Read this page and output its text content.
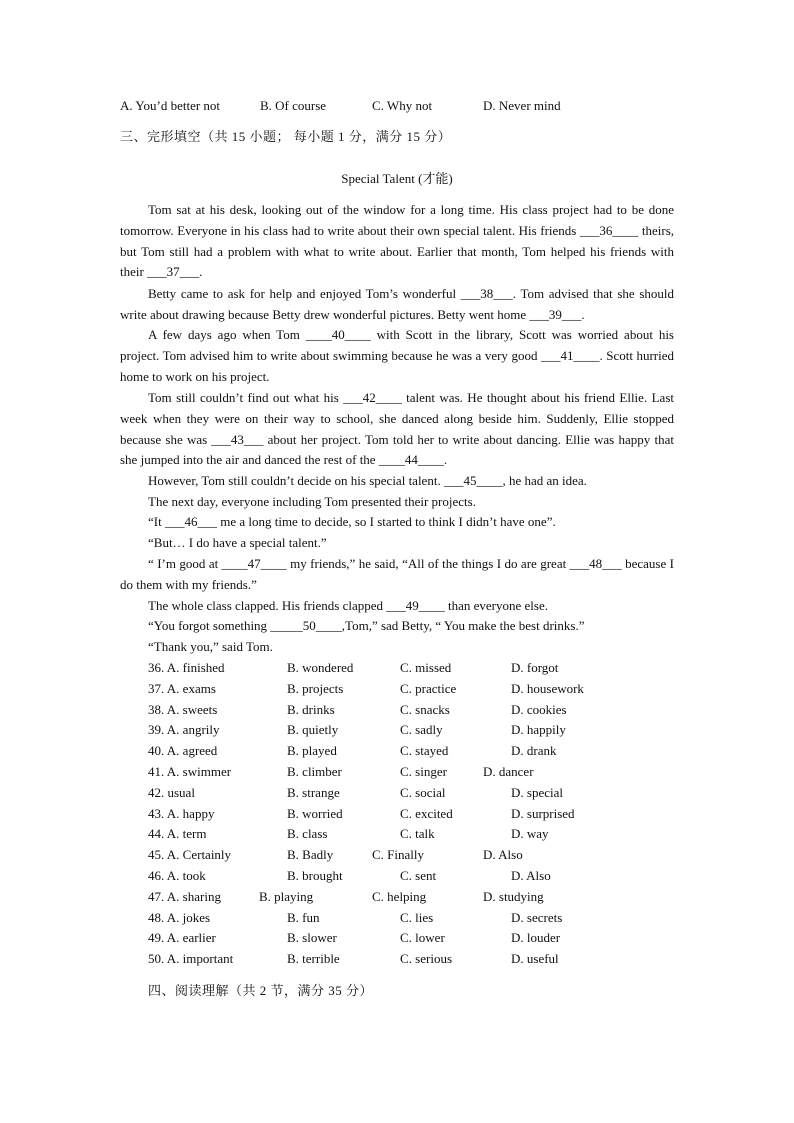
A. You’d better not	B. Of course	C. Why not	D. Never mind
三、完形填空（共 15 小题； 每小题 1 分，满分 15 分）
Special Talent (才能)
Tom sat at his desk, looking out of the window for a long time. His class project had to be done tomorrow. Everyone in his class had to write about their own special talent. His friends ___36____ theirs, but Tom still had a problem with what to write about. Earlier that month, Tom helped his friends with their ___37___.
Betty came to ask for help and enjoyed Tom’s wonderful ___38___. Tom advised that she should write about drawing because Betty drew wonderful pictures. Betty went home ___39___.
A few days ago when Tom ____40____ with Scott in the library, Scott was worried about his project. Tom advised him to write about swimming because he was a very good ___41____. Scott hurried home to work on his project.
Tom still couldn’t find out what his ___42____ talent was. He thought about his friend Ellie. Last week when they were on their way to school, she danced along beside him. Suddenly, Ellie stopped because she was ___43___ about her project. Tom told her to write about dancing. Ellie was happy that she jumped into the air and danced the rest of the ____44____.
However, Tom still couldn’t decide on his special talent. ___45____, he had an idea.
The next day, everyone including Tom presented their projects.
“It ___46___ me a long time to decide, so I started to think I didn’t have one”.
“But… I do have a special talent.”
“ I’m good at ____47____ my friends,” he said, “All of the things I do are great ___48___ because I do them with my friends.”
The whole class clapped. His friends clapped ___49____ than everyone else.
“You forgot something _____50____,Tom,” sad Betty, “ You make the best drinks.”
“Thank you,” said Tom.
36. A. finished	B. wondered	C. missed	D. forgot
37. A. exams	B. projects	C. practice	D. housework
38. A. sweets	B. drinks	C. snacks	D. cookies
39. A. angrily	B. quietly	C. sadly	D. happily
40. A. agreed	B. played	C. stayed	D. drank
41. A. swimmer	B. climber	C. singer	D. dancer
42. usual	B. strange	C. social	D. special
43. A. happy	B. worried	C. excited	D. surprised
44. A. term	B. class	C. talk	D. way
45. A. Certainly	B. Badly	C. Finally	D. Also
46. A. took	B. brought	C. sent	D. Also
47. A. sharing	B. playing	C. helping	D. studying
48. A. jokes	B. fun	C. lies	D. secrets
49. A. earlier	B. slower	C. lower	D. louder
50. A. important	B. terrible	C. serious	D. useful
四、阅读理解（共 2 节，满分 35 分）
